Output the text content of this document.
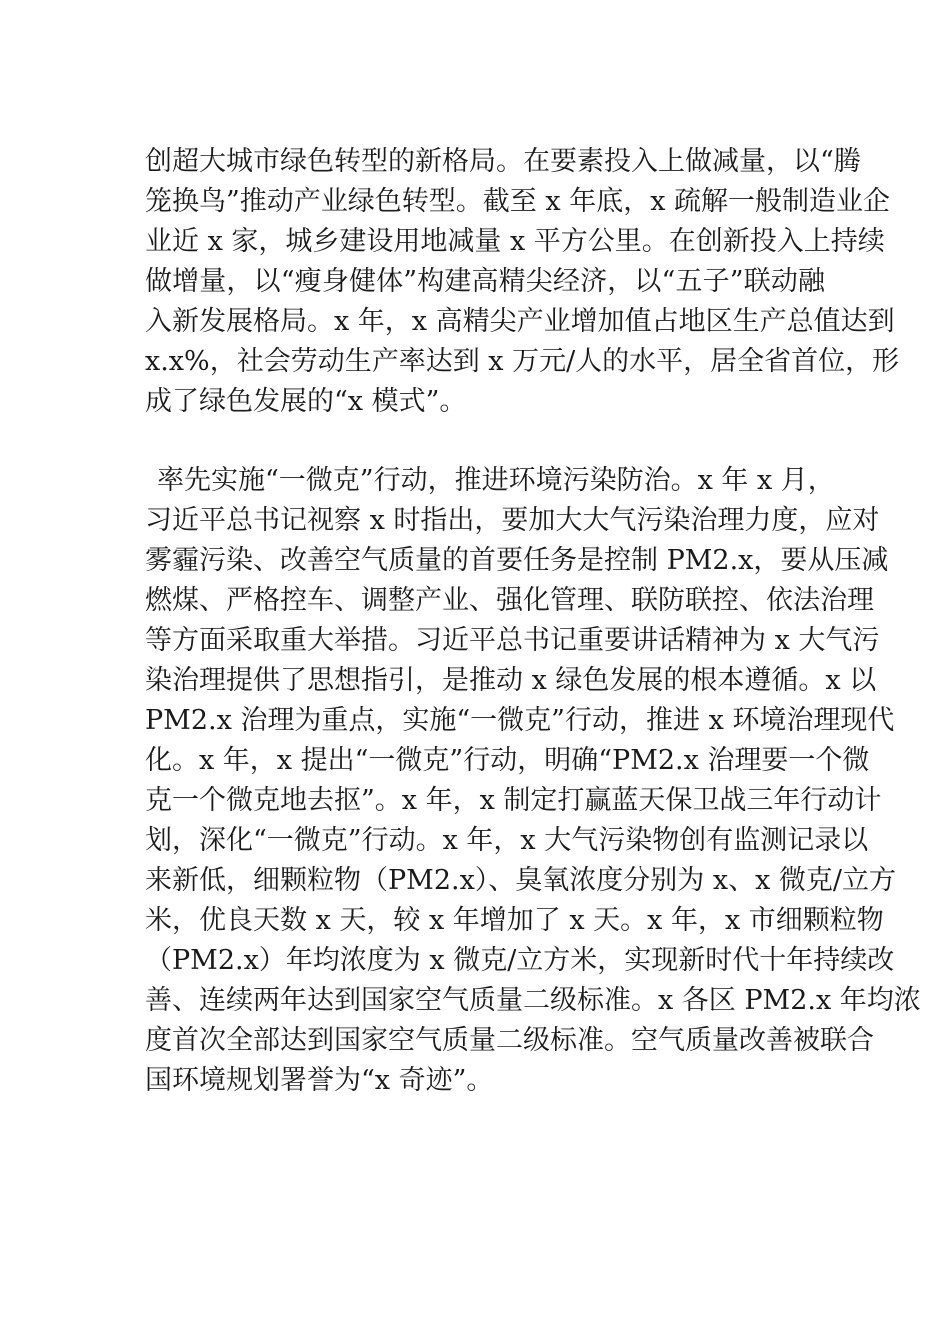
创超大城市绿色转型的新格局。在要素投入上做减量，以“腾
笼换鸟”推动产业绿色转型。截至 x 年底，x 疏解一般制造业企
业近 x 家，城乡建设用地减量 x 平方公里。在创新投入上持续
做增量，以“瘦身健体”构建高精尖经济，以“五子”联动融
入新发展格局。x 年，x 高精尖产业增加值占地区生产总值达到
x.x%，社会劳动生产率达到 x 万元/人的水平，居全省首位，形
成了绿色发展的“x 模式”。
率先实施“一微克”行动，推进环境污染防治。x 年 x 月，
习近平总书记视察 x 时指出，要加大大气污染治理力度，应对
雾霾污染、改善空气质量的首要任务是控制 PM2.x，要从压减
燃煤、严格控车、调整产业、强化管理、联防联控、依法治理
等方面采取重大举措。习近平总书记重要讲话精神为 x 大气污
染治理提供了思想指引，是推动 x 绿色发展的根本遵循。x 以
PM2.x 治理为重点，实施“一微克”行动，推进 x 环境治理现代
化。x 年，x 提出“一微克”行动，明确“PM2.x 治理要一个微
克一个微克地去抠”。x 年，x 制定打赢蓝天保卫战三年行动计
划，深化“一微克”行动。x 年，x 大气污染物创有监测记录以
来新低，细颗粒物（PM2.x）、臭氧浓度分别为 x、x 微克/立方
米，优良天数 x 天，较 x 年增加了 x 天。x 年，x 市细颗粒物
（PM2.x）年均浓度为 x 微克/立方米，实现新时代十年持续改
善、连续两年达到国家空气质量二级标准。x 各区 PM2.x 年均浓
度首次全部达到国家空气质量二级标准。空气质量改善被联合
国环境规划署誉为“x 奇迹”。
